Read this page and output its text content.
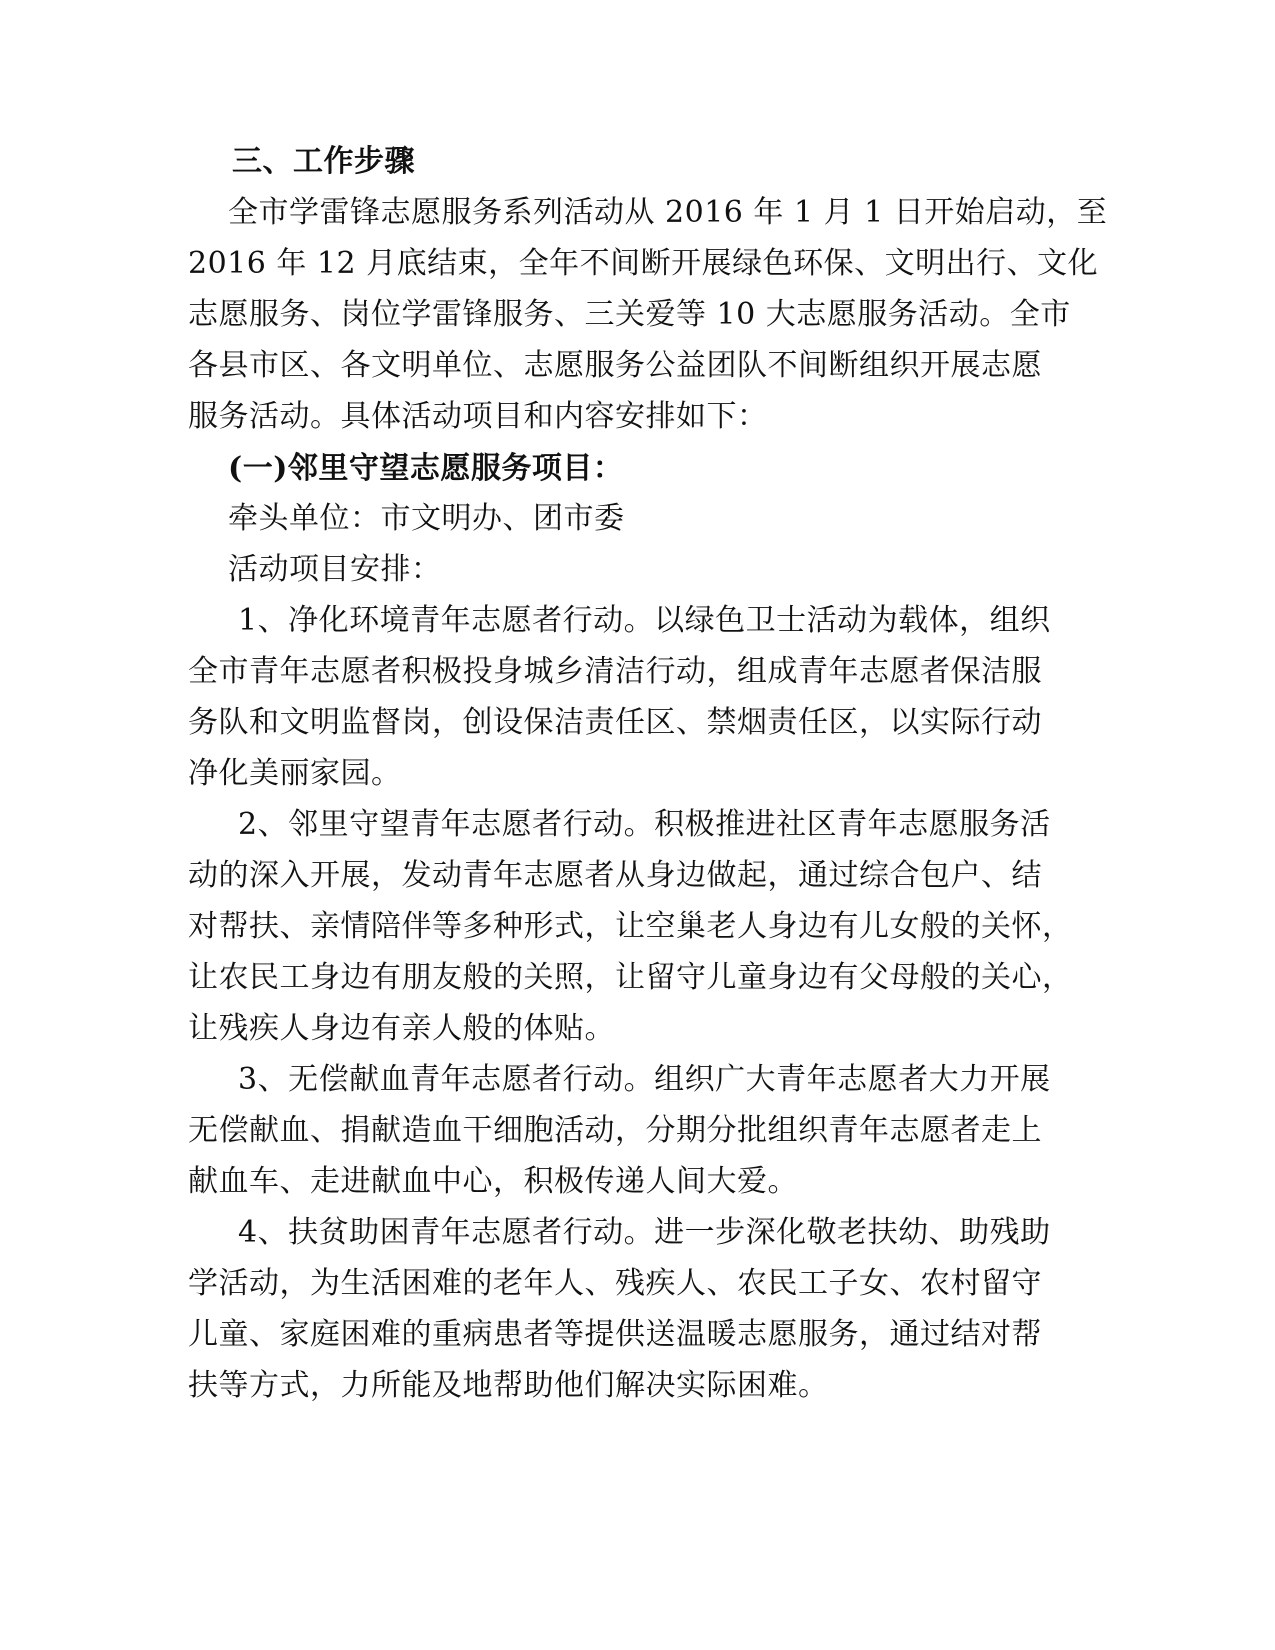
三、工作步骤
全市学雷锋志愿服务系列活动从 2016 年 1 月 1 日开始启动，至
2016 年 12 月底结束，全年不间断开展绿色环保、文明出行、文化
志愿服务、岗位学雷锋服务、三关爱等 10 大志愿服务活动。全市
各县市区、各文明单位、志愿服务公益团队不间断组织开展志愿
服务活动。具体活动项目和内容安排如下：
(一)邻里守望志愿服务项目：
牵头单位：市文明办、团市委
活动项目安排：
1、净化环境青年志愿者行动。以绿色卫士活动为载体，组织
全市青年志愿者积极投身城乡清洁行动，组成青年志愿者保洁服
务队和文明监督岗，创设保洁责任区、禁烟责任区，以实际行动
净化美丽家园。
2、邻里守望青年志愿者行动。积极推进社区青年志愿服务活
动的深入开展，发动青年志愿者从身边做起，通过综合包户、结
对帮扶、亲情陪伴等多种形式，让空巢老人身边有儿女般的关怀，
让农民工身边有朋友般的关照，让留守儿童身边有父母般的关心，
让残疾人身边有亲人般的体贴。
3、无偿献血青年志愿者行动。组织广大青年志愿者大力开展
无偿献血、捐献造血干细胞活动，分期分批组织青年志愿者走上
献血车、走进献血中心，积极传递人间大爱。
4、扶贫助困青年志愿者行动。进一步深化敬老扶幼、助残助
学活动，为生活困难的老年人、残疾人、农民工子女、农村留守
儿童、家庭困难的重病患者等提供送温暖志愿服务，通过结对帮
扶等方式，力所能及地帮助他们解决实际困难。
